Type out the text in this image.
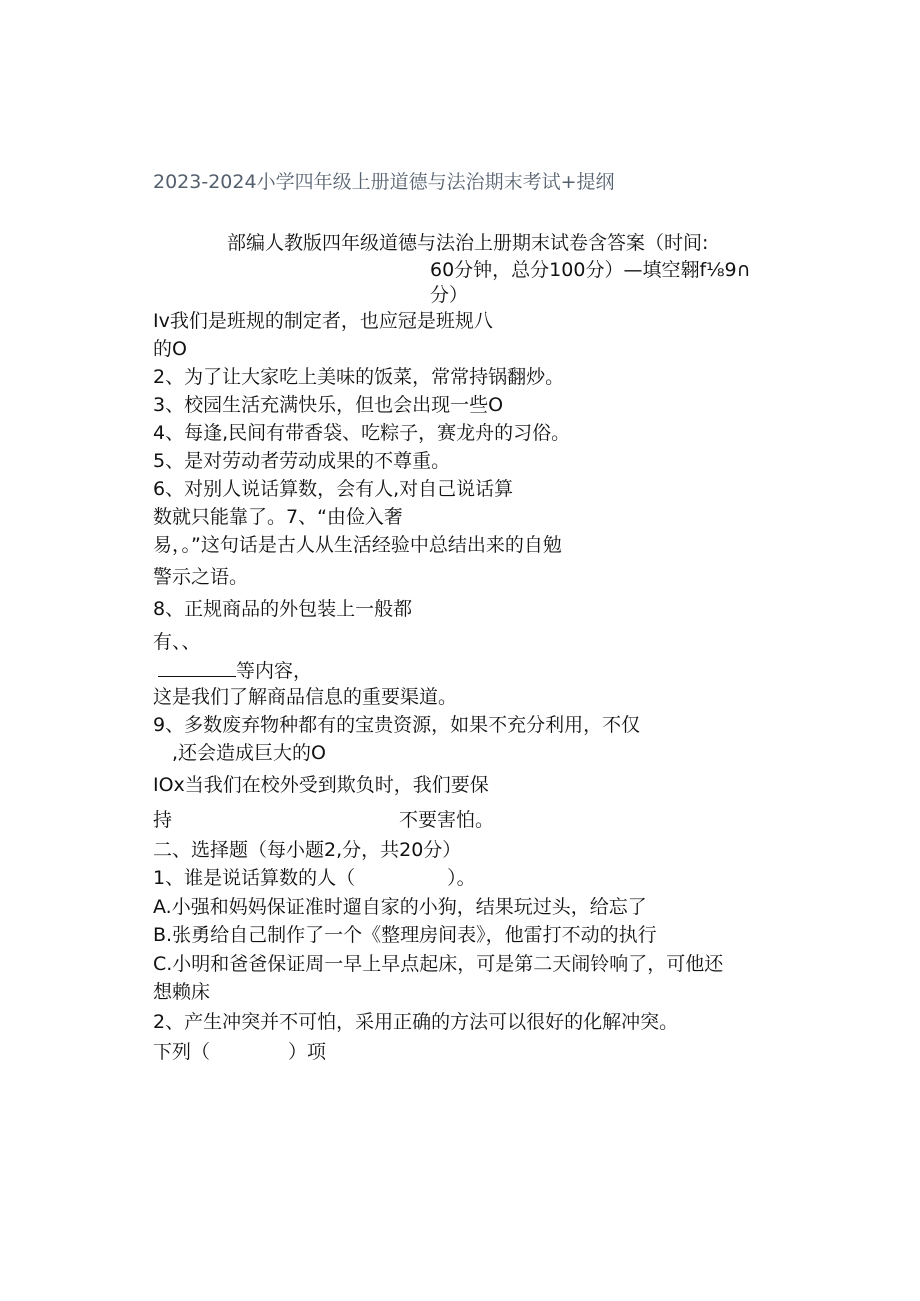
2023-2024小学四年级上册道德与法治期末考试+提纲
部编人教版四年级道德与法治上册期末试卷含答案（时间:
60分钟，总分100分）—填空翱f⅛9∩
分）
Iv我们是班规的制定者，也应冠是班规八
的O
2、为了让大家吃上美味的饭菜，常常持锅翻炒。
3、校园生活充满快乐，但也会出现一些O
4、每逢,民间有带香袋、吃粽子，赛龙舟的习俗。
5、是对劳动者劳动成果的不尊重。
6、对别人说话算数，会有人,对自己说话算
数就只能靠了。7、“由俭入奢
易，。”这句话是古人从生活经验中总结出来的自勉
警示之语。
8、正规商品的外包装上一般都
有、、
等内容，
这是我们了解商品信息的重要渠道。
9、多数废弃物种都有的宝贵资源，如果不充分利用，不仅
,还会造成巨大的O
IOx当我们在校外受到欺负时，我们要保
持	不要害怕。
二、选择题（每小题2,分，共20分）
1、谁是说话算数的人（	）。
A.小强和妈妈保证准时遛自家的小狗，结果玩过头，给忘了
B.张勇给自己制作了一个《整理房间表》，他雷打不动的执行
C.小明和爸爸保证周一早上早点起床，可是第二天闹铃响了，可他还
想赖床
2、产生冲突并不可怕，采用正确的方法可以很好的化解冲突。
下列（	）项
